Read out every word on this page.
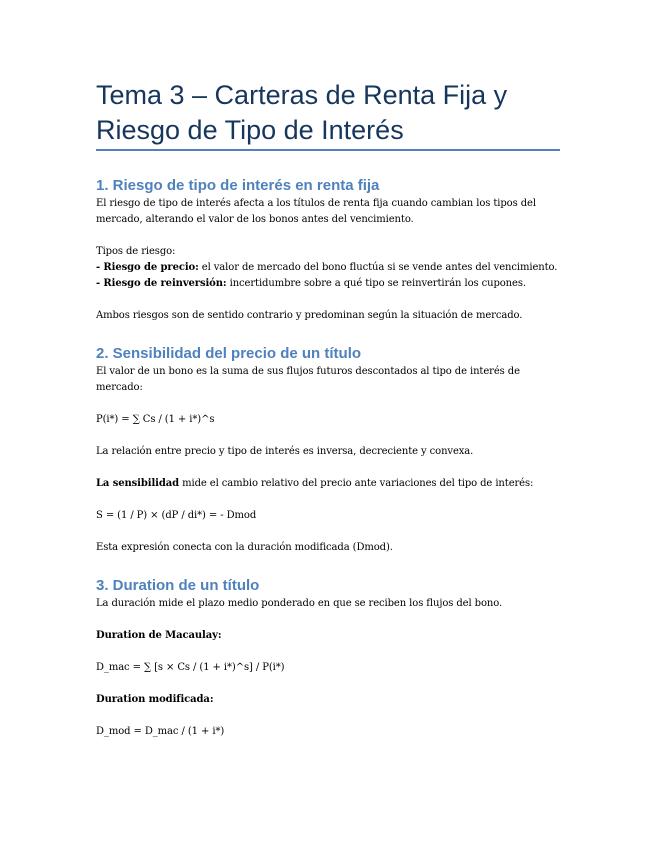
Tema 3 – Carteras de Renta Fija y
Riesgo de Tipo de Interés
1. Riesgo de tipo de interés en renta fija

El riesgo de tipo de interés afecta a los títulos de renta fija cuando cambian los tipos del
mercado, alterando el valor de los bonos antes del vencimiento.

Tipos de riesgo:

- Riesgo de precio: el valor de mercado del bono fluctúa si se vende antes del vencimiento.

- Riesgo de reinversión: incertidumbre sobre a qué tipo se reinvertirán los cupones.

Ambos riesgos son de sentido contrario y predominan según la situación de mercado.

2. Sensibilidad del precio de un título

El valor de un bono es la suma de sus flujos futuros descontados al tipo de interés de
mercado:

P(i*) = ∑ Cs / (1 + i*)^s

La relación entre precio y tipo de interés es inversa, decreciente y convexa.

La sensibilidad mide el cambio relativo del precio ante variaciones del tipo de interés:

S = (1 / P) × (dP / di*) = - Dmod

Esta expresión conecta con la duración modificada (Dmod).

3. Duration de un título

La duración mide el plazo medio ponderado en que se reciben los flujos del bono.

Duration de Macaulay:

D_mac = ∑ [s × Cs / (1 + i*)^s] / P(i*)

Duration modificada:

D_mod = D_mac / (1 + i*)
